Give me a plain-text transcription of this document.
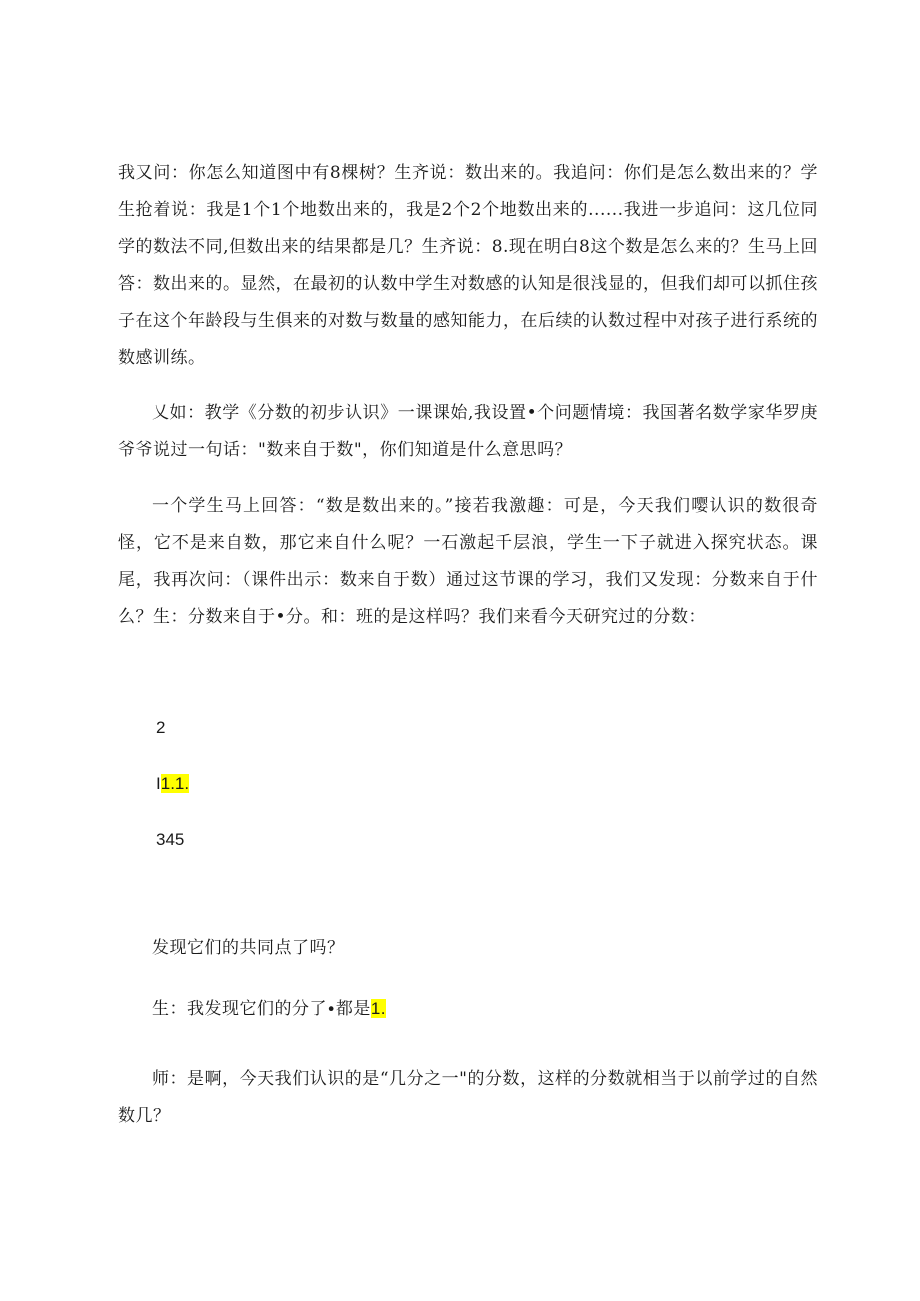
我又问：你怎么知道图中有8棵树？生齐说：数出来的。我追问：你们是怎么数出来的？学生抢着说：我是1个1个地数出来的，我是2个2个地数出来的......我进一步追问：这几位同学的数法不同,但数出来的结果都是几？生齐说：8.现在明白8这个数是怎么来的？生马上回答：数出来的。显然，在最初的认数中学生对数感的认知是很浅显的，但我们却可以抓住孩子在这个年龄段与生俱来的对数与数量的感知能力，在后续的认数过程中对孩子进行系统的数感训练。

乂如：教学《分数的初步认识》一课课始,我设置•个问题情境：我国著名数学家华罗庚爷爷说过一句话："数来自于数"，你们知道是什么意思吗？

一个学生马上回答：“数是数出来的。”接若我激趣：可是，今天我们嘤认识的数很奇怪，它不是来自数，那它来自什么呢？一石激起千层浪，学生一下子就进入探究状态。课尾，我再次问：（课件出示：数来自于数）通过这节课的学习，我们又发现：分数来自于什么？生：分数来自于•分。和：班的是这样吗？我们来看今天研究过的分数：

2

I1.1.

345

发现它们的共同点了吗？

生：我发现它们的分了∙都是1.

师：是啊，今天我们认识的是“几分之一"的分数，这样的分数就相当于以前学过的自然数几？
